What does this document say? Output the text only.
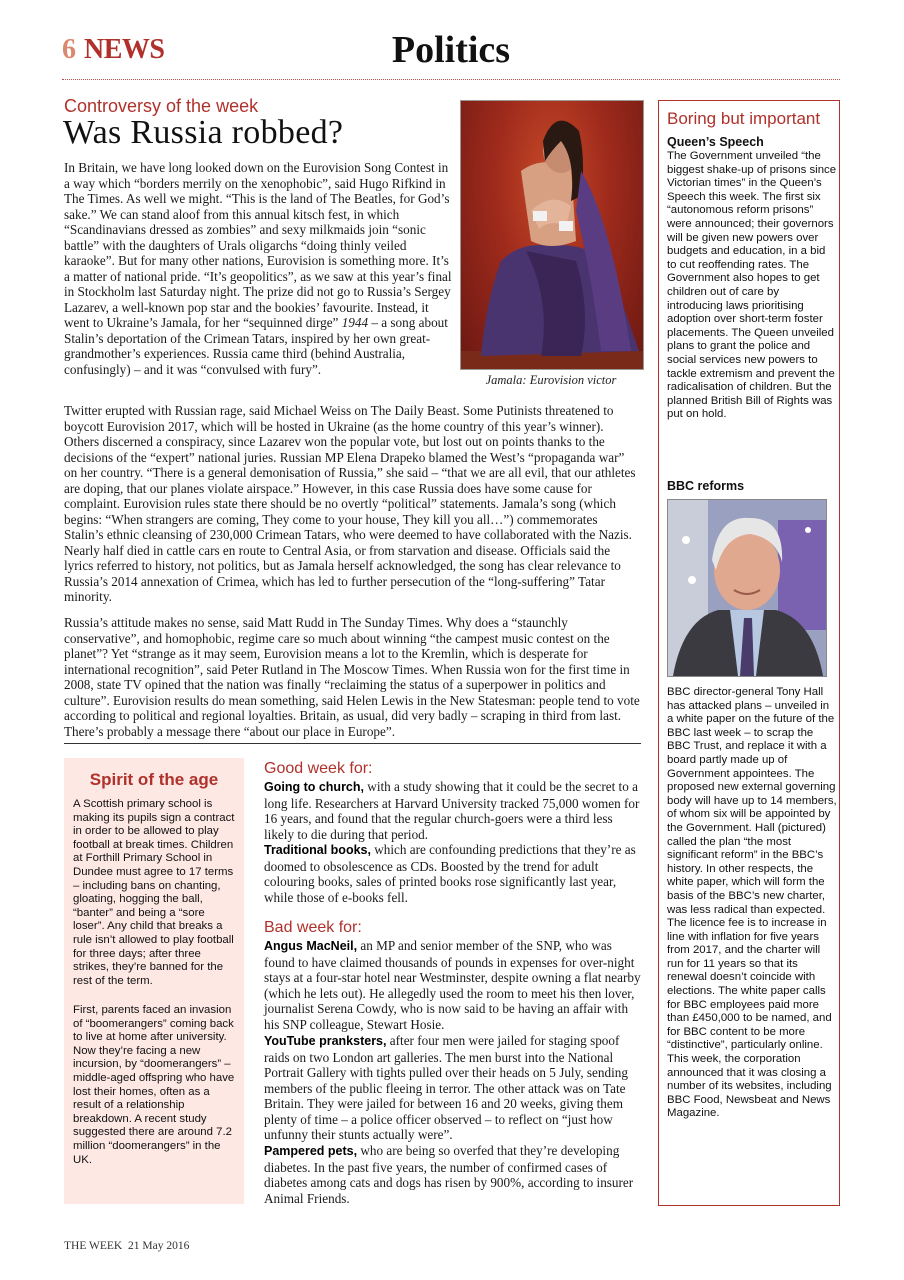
6 NEWS	Politics
Controversy of the week
Was Russia robbed?
In Britain, we have long looked down on the Eurovision Song Contest in a way which “borders merrily on the xenophobic”, said Hugo Rifkind in The Times. As well we might. “This is the land of The Beatles, for God’s sake.” We can stand aloof from this annual kitsch fest, in which “Scandinavians dressed as zombies” and sexy milkmaids join “sonic battle” with the daughters of Urals oligarchs “doing thinly veiled karaoke”. But for many other nations, Eurovision is something more. It’s a matter of national pride. “It’s geopolitics”, as we saw at this year’s final in Stockholm last Saturday night. The prize did not go to Russia’s Sergey Lazarev, a well-known pop star and the bookies’ favourite. Instead, it went to Ukraine’s Jamala, for her “sequinned dirge” 1944 – a song about Stalin’s deportation of the Crimean Tatars, inspired by her own great-grandmother’s experiences. Russia came third (behind Australia, confusingly) – and it was “convulsed with fury”.
Jamala: Eurovision victor
Twitter erupted with Russian rage, said Michael Weiss on The Daily Beast. Some Putinists threatened to boycott Eurovision 2017, which will be hosted in Ukraine (as the home country of this year’s winner). Others discerned a conspiracy, since Lazarev won the popular vote, but lost out on points thanks to the decisions of the “expert” national juries. Russian MP Elena Drapeko blamed the West’s “propaganda war” on her country. “There is a general demonisation of Russia,” she said – “that we are all evil, that our athletes are doping, that our planes violate airspace.” However, in this case Russia does have some cause for complaint. Eurovision rules state there should be no overtly “political” statements. Jamala’s song (which begins: “When strangers are coming, They come to your house, They kill you all…”) commemorates Stalin’s ethnic cleansing of 230,000 Crimean Tatars, who were deemed to have collaborated with the Nazis. Nearly half died in cattle cars en route to Central Asia, or from starvation and disease. Officials said the lyrics referred to history, not politics, but as Jamala herself acknowledged, the song has clear relevance to Russia’s 2014 annexation of Crimea, which has led to further persecution of the “long-suffering” Tatar minority.
Russia’s attitude makes no sense, said Matt Rudd in The Sunday Times. Why does a “staunchly conservative”, and homophobic, regime care so much about winning “the campest music contest on the planet”? Yet “strange as it may seem, Eurovision means a lot to the Kremlin, which is desperate for international recognition”, said Peter Rutland in The Moscow Times. When Russia won for the first time in 2008, state TV opined that the nation was finally “reclaiming the status of a superpower in politics and culture”. Eurovision results do mean something, said Helen Lewis in the New Statesman: people tend to vote according to political and regional loyalties. Britain, as usual, did very badly – scraping in third from last. There’s probably a message there “about our place in Europe”.
Boring but important
Queen’s Speech
The Government unveiled “the biggest shake-up of prisons since Victorian times” in the Queen’s Speech this week. The first six “autonomous reform prisons” were announced; their governors will be given new powers over budgets and education, in a bid to cut reoffending rates. The Government also hopes to get children out of care by introducing laws prioritising adoption over short-term foster placements. The Queen unveiled plans to grant the police and social services new powers to tackle extremism and prevent the radicalisation of children. But the planned British Bill of Rights was put on hold.
BBC reforms
BBC director-general Tony Hall has attacked plans – unveiled in a white paper on the future of the BBC last week – to scrap the BBC Trust, and replace it with a board partly made up of Government appointees. The proposed new external governing body will have up to 14 members, of whom six will be appointed by the Government. Hall (pictured) called the plan “the most significant reform” in the BBC’s history. In other respects, the white paper, which will form the basis of the BBC’s new charter, was less radical than expected. The licence fee is to increase in line with inflation for five years from 2017, and the charter will run for 11 years so that its renewal doesn’t coincide with elections. The white paper calls for BBC employees paid more than £450,000 to be named, and for BBC content to be more “distinctive”, particularly online. This week, the corporation announced that it was closing a number of its websites, including BBC Food, Newsbeat and News Magazine.
Spirit of the age
A Scottish primary school is making its pupils sign a contract in order to be allowed to play football at break times. Children at Forthill Primary School in Dundee must agree to 17 terms – including bans on chanting, gloating, hogging the ball, “banter” and being a “sore loser”. Any child that breaks a rule isn’t allowed to play football for three days; after three strikes, they’re banned for the rest of the term.
First, parents faced an invasion of “boomerangers” coming back to live at home after university. Now they’re facing a new incursion, by “doomerangers” – middle-aged offspring who have lost their homes, often as a result of a relationship breakdown. A recent study suggested there are around 7.2 million “doomerangers” in the UK.
Good week for:
Going to church, with a study showing that it could be the secret to a long life. Researchers at Harvard University tracked 75,000 women for 16 years, and found that the regular church-goers were a third less likely to die during that period.
Traditional books, which are confounding predictions that they’re as doomed to obsolescence as CDs. Boosted by the trend for adult colouring books, sales of printed books rose significantly last year, while those of e-books fell.
Bad week for:
Angus MacNeil, an MP and senior member of the SNP, who was found to have claimed thousands of pounds in expenses for over-night stays at a four-star hotel near Westminster, despite owning a flat nearby (which he lets out). He allegedly used the room to meet his then lover, journalist Serena Cowdy, who is now said to be having an affair with his SNP colleague, Stewart Hosie.
YouTube pranksters, after four men were jailed for staging spoof raids on two London art galleries. The men burst into the National Portrait Gallery with tights pulled over their heads on 5 July, sending members of the public fleeing in terror. The other attack was on Tate Britain. They were jailed for between 16 and 20 weeks, giving them plenty of time – a police officer observed – to reflect on “just how unfunny their stunts actually were”.
Pampered pets, who are being so overfed that they’re developing diabetes. In the past five years, the number of confirmed cases of diabetes among cats and dogs has risen by 900%, according to insurer Animal Friends.
THE WEEK 21 May 2016
